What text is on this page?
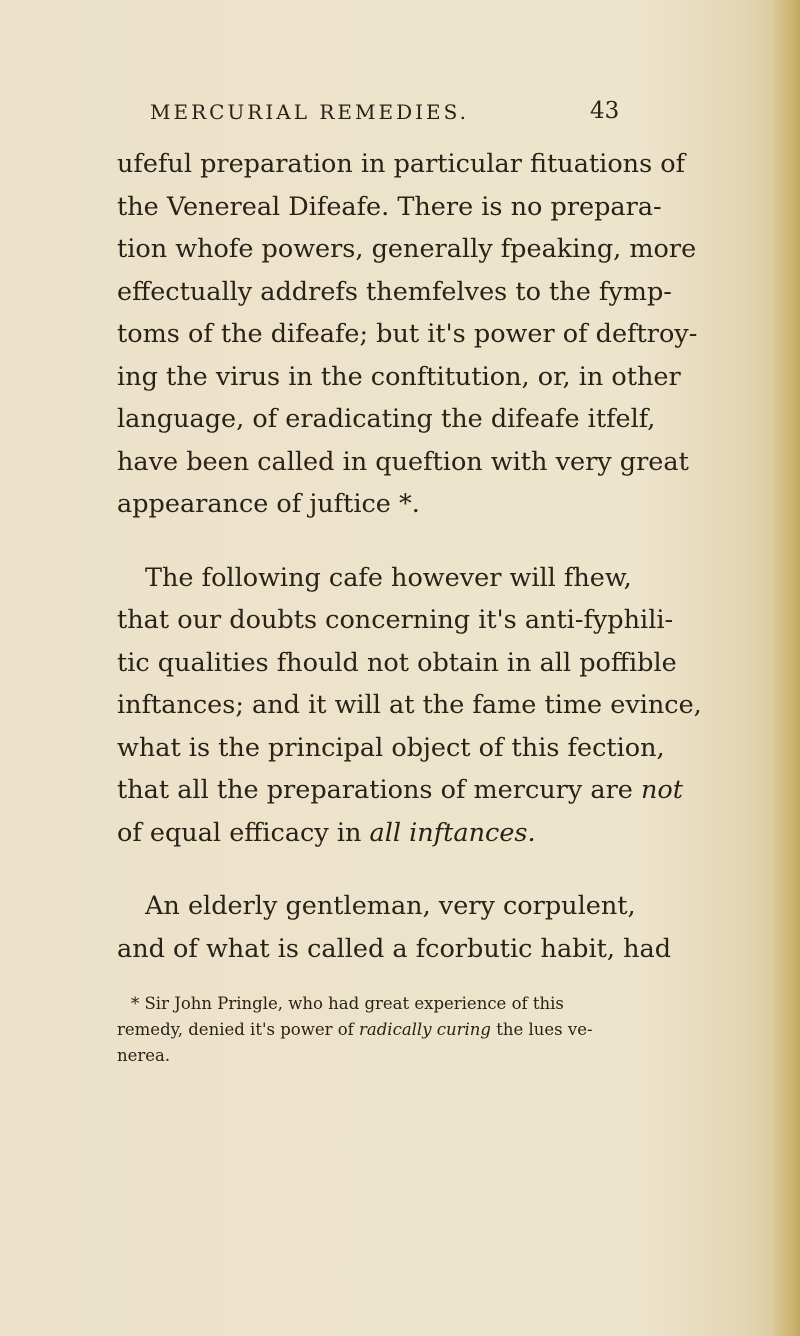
MERCURIAL REMEDIES.	43
ufeful preparation in particular fituations of
the Venereal Difeafe. There is no prepara-
tion whofe powers, generally fpeaking, more
effectually addrefs themfelves to the fymp-
toms of the difeafe; but it's power of deftroy-
ing the virus in the conftitution, or, in other
language, of eradicating the difeafe itfelf,
have been called in queftion with very great
appearance of juftice *.
The following cafe however will fhew,
that our doubts concerning it's anti-fyphili-
tic qualities fhould not obtain in all poffible
inftances; and it will at the fame time evince,
what is the principal object of this fection,
that all the preparations of mercury are not
of equal efficacy in all inftances.
An elderly gentleman, very corpulent,
and of what is called a fcorbutic habit, had
* Sir John Pringle, who had great experience of this
remedy, denied it's power of radically curing the lues ve-
nerea.
